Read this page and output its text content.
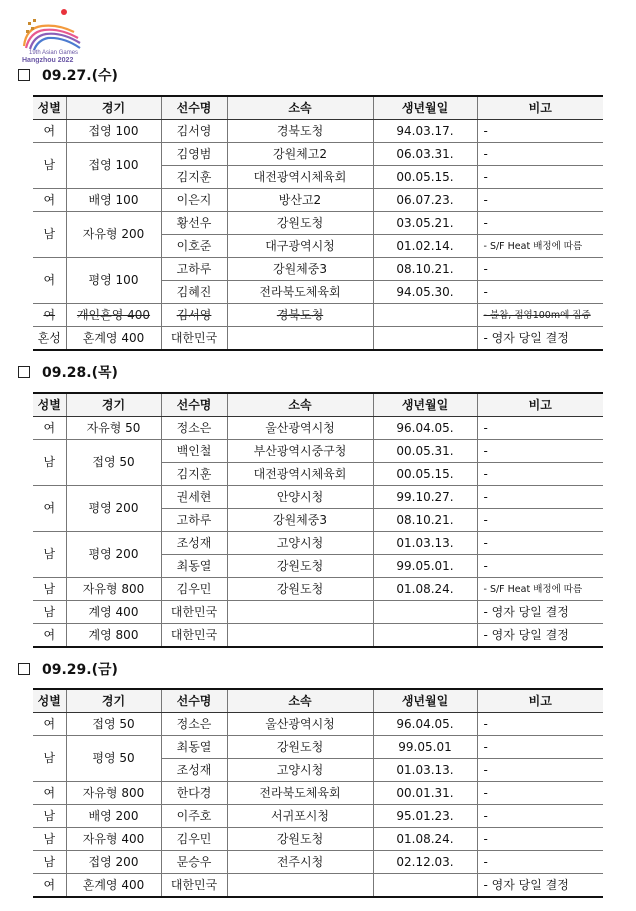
19th Asian Games
Hangzhou 2022
09.27.(수)
성별	경기	선수명	소속	생년월일	비고
여	접영 100	김서영	경북도청	94.03.17.	-
남	접영 100	김영범	강원체고2	06.03.31.	-
		김지훈	대전광역시체육회	00.05.15.	-
여	배영 100	이은지	방산고2	06.07.23.	-
남	자유형 200	황선우	강원도청	03.05.21.	-
		이호준	대구광역시청	01.02.14.	- S/F Heat 배정에 따름
여	평영 100	고하루	강원체중3	08.10.21.	-
		김혜진	전라북도체육회	94.05.30.	-
여	개인혼영 400	김서영	경북도청		- 불참, 접영100m에 집중
혼성	혼계영 400	대한민국			- 영자 당일 결정
09.28.(목)
성별	경기	선수명	소속	생년월일	비고
여	자유형 50	정소은	울산광역시청	96.04.05.	-
남	접영 50	백인철	부산광역시중구청	00.05.31.	-
		김지훈	대전광역시체육회	00.05.15.	-
여	평영 200	권세현	안양시청	99.10.27.	-
		고하루	강원체중3	08.10.21.	-
남	평영 200	조성재	고양시청	01.03.13.	-
		최동열	강원도청	99.05.01.	-
남	자유형 800	김우민	강원도청	01.08.24.	- S/F Heat 배정에 따름
남	계영 400	대한민국			- 영자 당일 결정
여	계영 800	대한민국			- 영자 당일 결정
09.29.(금)
성별	경기	선수명	소속	생년월일	비고
여	접영 50	정소은	울산광역시청	96.04.05.	-
남	평영 50	최동열	강원도청	99.05.01	-
		조성재	고양시청	01.03.13.	-
여	자유형 800	한다경	전라북도체육회	00.01.31.	-
남	배영 200	이주호	서귀포시청	95.01.23.	-
남	자유형 400	김우민	강원도청	01.08.24.	-
남	접영 200	문승우	전주시청	02.12.03.	-
여	혼계영 400	대한민국			- 영자 당일 결정
